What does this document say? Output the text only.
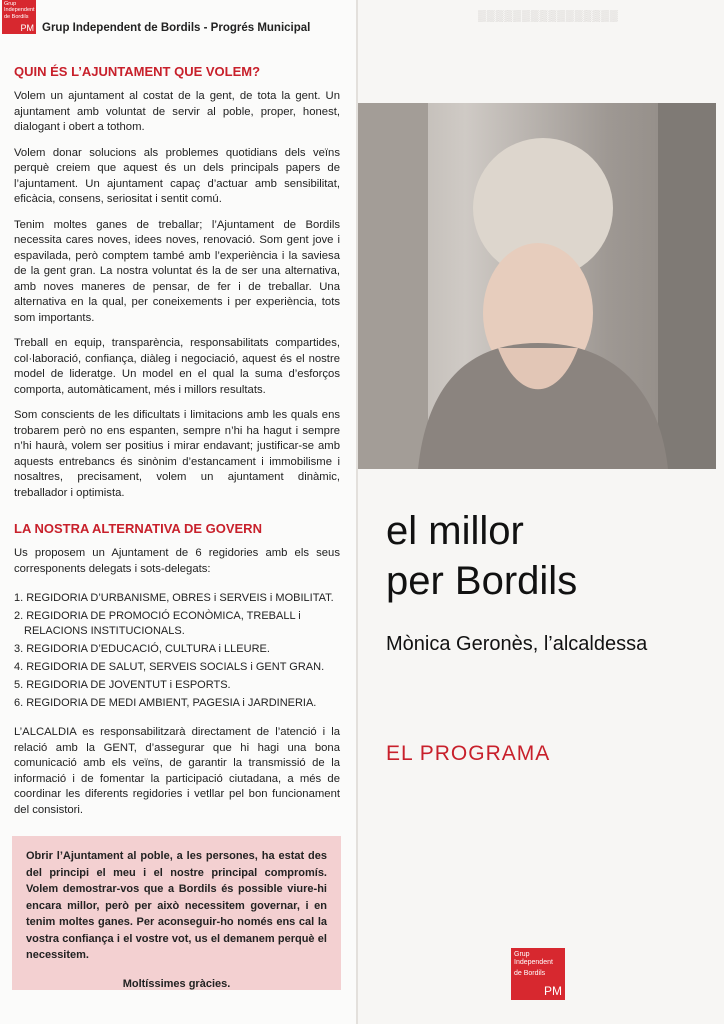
▒▒▒▒▒▒▒▒▒▒▒▒▒▒▒▒
Grup Independent
de Bordils
PM Grup Independent de Bordils - Progrés Municipal
QUIN ÉS L’AJUNTAMENT QUE VOLEM?

Volem un ajuntament al costat de la gent, de tota la gent. Un ajuntament amb voluntat de servir al poble, proper, honest, dialogant i obert a tothom.

Volem donar solucions als problemes quotidians dels veïns perquè creiem que aquest és un dels principals papers de l’ajuntament. Un ajuntament capaç d’actuar amb sensibilitat, eficàcia, consens, seriositat i sentit comú.

Tenim moltes ganes de treballar; l’Ajuntament de Bordils necessita cares noves, idees noves, renovació. Som gent jove i espavilada, però comptem també amb l’experiència i la saviesa de la gent gran. La nostra voluntat és la de ser una alternativa, amb noves maneres de pensar, de fer i de treballar. Una alternativa en la qual, per coneixements i per experiència, tots som importants.

Treball en equip, transparència, responsabilitats compartides, col·laboració, confiança, diàleg i negociació, aquest és el nostre model de lideratge. Un model en el qual la suma d’esforços comporta, automàticament, més i millors resultats.

Som conscients de les dificultats i limitacions amb les quals ens trobarem però no ens espanten, sempre n’hi ha hagut i sempre n’hi haurà, volem ser positius i mirar endavant; justificar-se amb aquests entrebancs és sinònim d’estancament i immobilisme i nosaltres, precisament, volem un ajuntament dinàmic, treballador i optimista.

LA NOSTRA ALTERNATIVA DE GOVERN

Us proposem un Ajuntament de 6 regidories amb els seus corresponents delegats i sots-delegats:

1. REGIDORIA D’URBANISME, OBRES i SERVEIS i MOBILITAT.
2. REGIDORIA DE PROMOCIÓ ECONÒMICA, TREBALL i RELACIONS INSTITUCIONALS.
3. REGIDORIA D’EDUCACIÓ, CULTURA i LLEURE.
4. REGIDORIA DE SALUT, SERVEIS SOCIALS i GENT GRAN.
5. REGIDORIA DE JOVENTUT i ESPORTS.
6. REGIDORIA DE MEDI AMBIENT, PAGESIA i JARDINERIA.

L’ALCALDIA es responsabilitzarà directament de l’atenció i la relació amb la GENT, d’assegurar que hi hagi una bona comunicació amb els veïns, de garantir la transmissió de la informació i de fomentar la participació ciutadana, a més de coordinar les diferents regidories i vetllar pel bon funcionament del consistori.

Obrir l’Ajuntament al poble, a les persones, ha estat des del principi el meu i el nostre principal compromís. Volem demostrar-vos que a Bordils és possible viure-hi encara millor, però per això necessitem governar, i en tenim moltes ganes. Per aconseguir-ho només ens cal la vostra confiança i el vostre vot, us el demanem perquè el necessitem.
Moltíssimes gràcies.
el millor
per Bordils
Mònica Geronès, l’alcaldessa
EL PROGRAMA
Grup Independent
de Bordils
PM
